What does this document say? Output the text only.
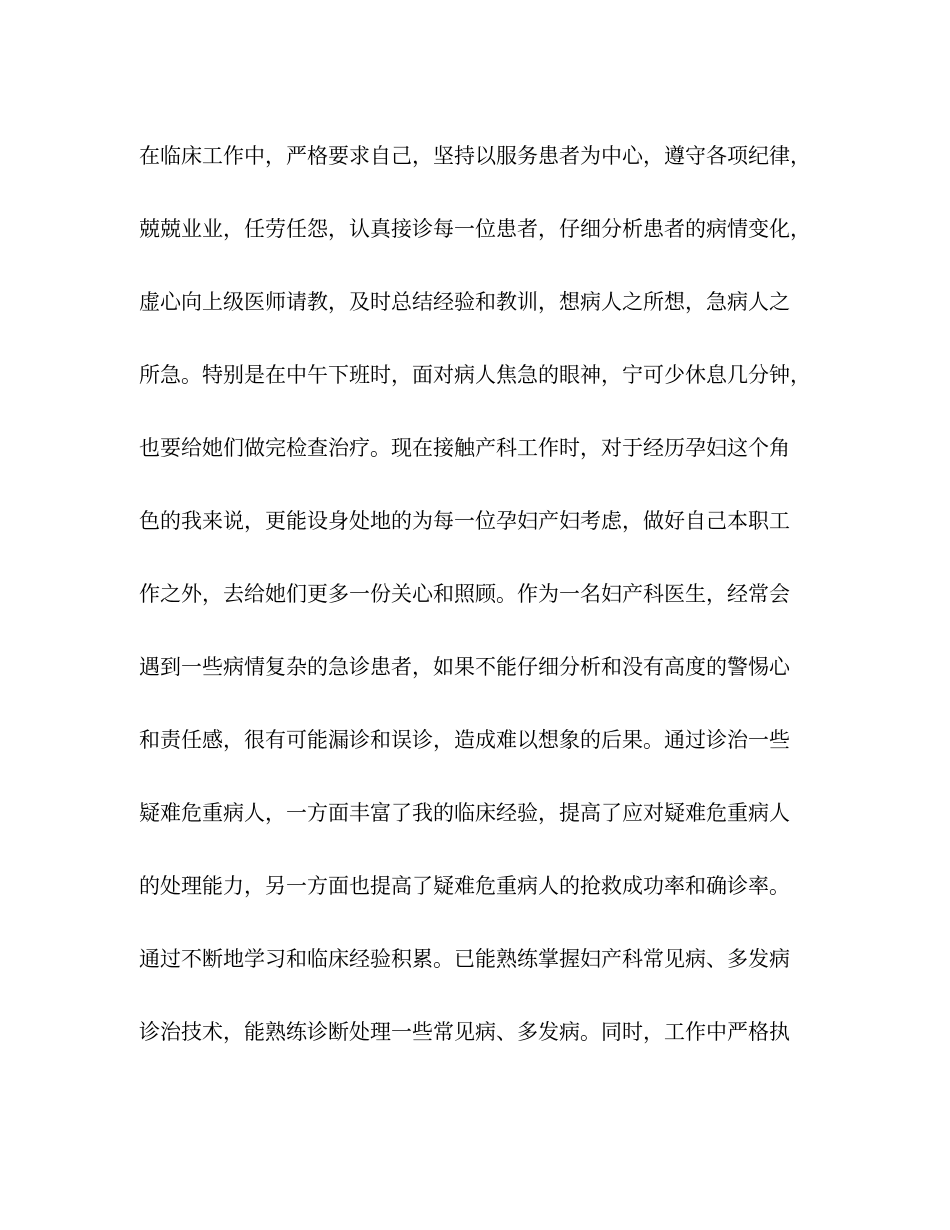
在临床工作中，严格要求自己，坚持以服务患者为中心，遵守各项纪律，
兢兢业业，任劳任怨，认真接诊每一位患者，仔细分析患者的病情变化，
虚心向上级医师请教，及时总结经验和教训，想病人之所想，急病人之
所急。特别是在中午下班时，面对病人焦急的眼神，宁可少休息几分钟，
也要给她们做完检查治疗。现在接触产科工作时，对于经历孕妇这个角
色的我来说，更能设身处地的为每一位孕妇产妇考虑，做好自己本职工
作之外，去给她们更多一份关心和照顾。作为一名妇产科医生，经常会
遇到一些病情复杂的急诊患者，如果不能仔细分析和没有高度的警惕心
和责任感，很有可能漏诊和误诊，造成难以想象的后果。通过诊治一些
疑难危重病人，一方面丰富了我的临床经验，提高了应对疑难危重病人
的处理能力，另一方面也提高了疑难危重病人的抢救成功率和确诊率。
通过不断地学习和临床经验积累。已能熟练掌握妇产科常见病、多发病
诊治技术，能熟练诊断处理一些常见病、多发病。同时，工作中严格执
